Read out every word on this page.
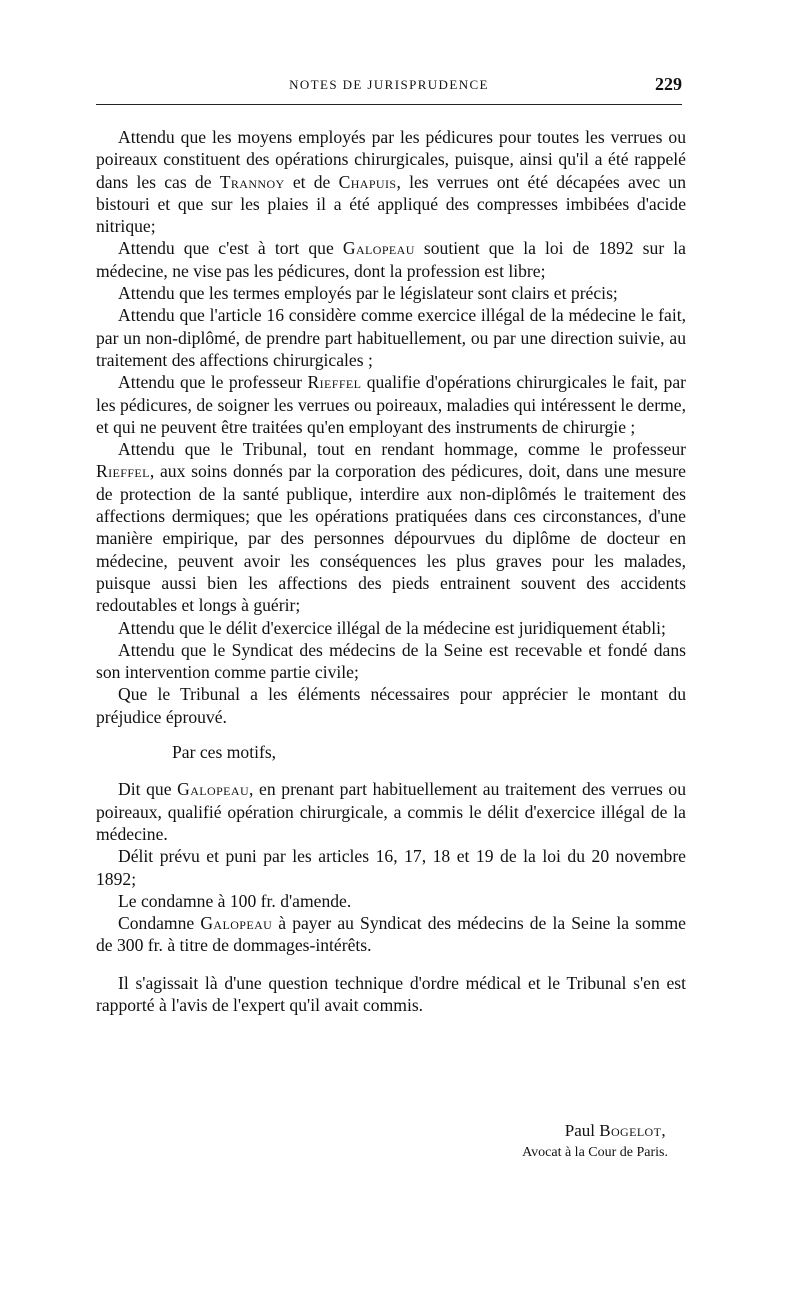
NOTES DE JURISPRUDENCE	229

Attendu que les moyens employés par les pédicures pour toutes les verrues ou poireaux constituent des opérations chirurgicales, puisque, ainsi qu'il a été rappelé dans les cas de Trannoy et de Chapuis, les verrues ont été décapées avec un bistouri et que sur les plaies il a été appliqué des compresses imbibées d'acide nitrique;

Attendu que c'est à tort que Galopeau soutient que la loi de 1892 sur la médecine, ne vise pas les pédicures, dont la profession est libre;

Attendu que les termes employés par le législateur sont clairs et précis;

Attendu que l'article 16 considère comme exercice illégal de la médecine le fait, par un non-diplômé, de prendre part habituellement, ou par une direction suivie, au traitement des affections chirurgicales ;

Attendu que le professeur Rieffel qualifie d'opérations chirurgicales le fait, par les pédicures, de soigner les verrues ou poireaux, maladies qui intéressent le derme, et qui ne peuvent être traitées qu'en employant des instruments de chirurgie ;

Attendu que le Tribunal, tout en rendant hommage, comme le professeur Rieffel, aux soins donnés par la corporation des pédicures, doit, dans une mesure de protection de la santé publique, interdire aux non-diplômés le traitement des affections dermiques; que les opérations pratiquées dans ces circonstances, d'une manière empirique, par des personnes dépourvues du diplôme de docteur en médecine, peuvent avoir les conséquences les plus graves pour les malades, puisque aussi bien les affections des pieds entrainent souvent des accidents redoutables et longs à guérir;

Attendu que le délit d'exercice illégal de la médecine est juridiquement établi;

Attendu que le Syndicat des médecins de la Seine est recevable et fondé dans son intervention comme partie civile;

Que le Tribunal a les éléments nécessaires pour apprécier le montant du préjudice éprouvé.

Par ces motifs,

Dit que Galopeau, en prenant part habituellement au traitement des verrues ou poireaux, qualifié opération chirurgicale, a commis le délit d'exercice illégal de la médecine.

Délit prévu et puni par les articles 16, 17, 18 et 19 de la loi du 20 novembre 1892;

Le condamne à 100 fr. d'amende.

Condamne Galopeau à payer au Syndicat des médecins de la Seine la somme de 300 fr. à titre de dommages-intérêts.

Il s'agissait là d'une question technique d'ordre médical et le Tribunal s'en est rapporté à l'avis de l'expert qu'il avait commis.

Paul Bogelot,
Avocat à la Cour de Paris.
